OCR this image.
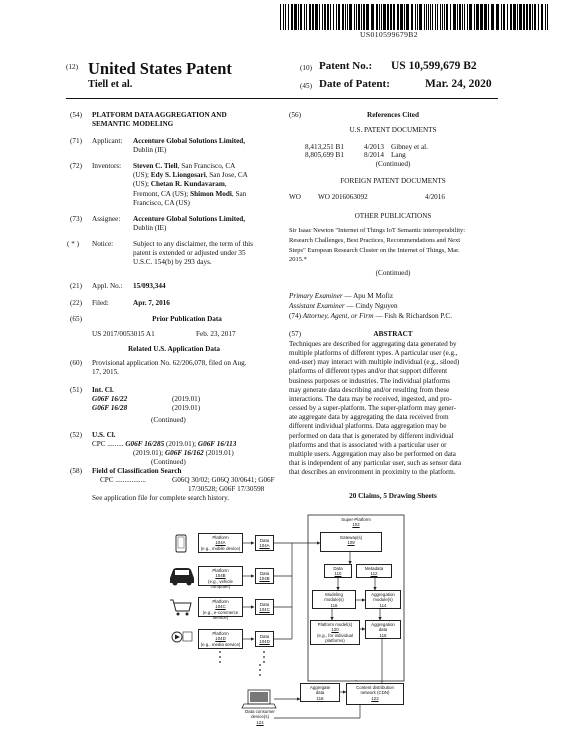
US010599679B2
(12) United States Patent
Tiell et al.
(10) Patent No.: US 10,599,679 B2
(45) Date of Patent:	Mar. 24, 2020
(54) PLATFORM DATA AGGREGATION AND
SEMANTIC MODELING
(71) Applicant: Accenture Global Solutions Limited,
Dublin (IE)
(72) Inventors: Steven C. Tiell, San Francisco, CA
(US); Edy S. Liongosari, San Jose, CA
(US); Chetan R. Kundavaram,
Fremont, CA (US); Shimon Modi, San
Francisco, CA (US)
(73) Assignee: Accenture Global Solutions Limited,
Dublin (IE)
( * ) Notice:	Subject to any disclaimer, the term of this
patent is extended or adjusted under 35
U.S.C. 154(b) by 293 days.
(21) Appl. No.: 15/093,344
(22) Filed:	Apr. 7, 2016
(65)	Prior Publication Data
US 2017/0053015 A1	Feb. 23, 2017
Related U.S. Application Data
(60) Provisional application No. 62/206,078, filed on Aug.
17, 2015.
(51) Int. Cl.
G06F 16/22	(2019.01)
G06F 16/28	(2019.01)
(Continued)
(52) U.S. Cl.
CPC ......... G06F 16/285 (2019.01); G06F 16/113
(2019.01); G06F 16/162 (2019.01)
(Continued)
(58) Field of Classification Search
CPC .................	G06Q 30/02; G06Q 30/0641; G06F
17/30528; G06F 17/30598
See application file for complete search history.
(56)	References Cited
U.S. PATENT DOCUMENTS
8,413,251 B1	4/2013 Gibney et al.
8,805,699 B1	8/2014 Lang
(Continued)
FOREIGN PATENT DOCUMENTS
WO WO 2016063092	4/2016
OTHER PUBLICATIONS
Sir Isaac Newton "Internet of Things IoT Semantic interoperability:
Research Challenges, Best Practices, Recommendations and Next
Steps" European Research Cluster on the Internet of Things, Mar.
2015.*
(Continued)
Primary Examiner — Apu M Mofiz
Assistant Examiner — Cindy Nguyen
(74) Attorney, Agent, or Firm — Fish & Richardson P.C.
(57)	ABSTRACT
Techniques are described for aggregating data generated by
multiple platforms of different types. A particular user (e.g.,
end-user) may interact with multiple individual (e.g., siloed)
platforms of different types and/or that support different
business purposes or industries. The individual platforms
may generate data describing and/or resulting from these
interactions. The data may be received, ingested, and pro-
cessed by a super-platform. The super-platform may gener-
ate aggregate data by aggregating the data received from
different individual platforms. Data aggregation may be
performed on data that is generated by different individual
platforms and that is associated with a particular user or
multiple users. Aggregation may also be performed on data
that is independent of any particular user, such as sensor data
that describes an environment in proximity to the platform.
20 Claims, 5 Drawing Sheets
Super-Platform
102
Gateway(s)
108
Data
110
Metadata
112
Modeling
module(s)
116
Aggregation
module(s)
114
Platform model(s)
120
(e.g., for individual
platforms)
Aggregation
data
118
Aggregate
data
118
Content distribution
network (CDN)
122
Data consumer
device(s)
124
Platform
104A
(e.g., mobile device)
Data
104A
Platform
104B
(e.g., vehicle computer)
Data
104B
Platform
104C
(e.g., e-commerce service)
Data
104C
Platform
104D
(e.g., media service)
Data
104D
